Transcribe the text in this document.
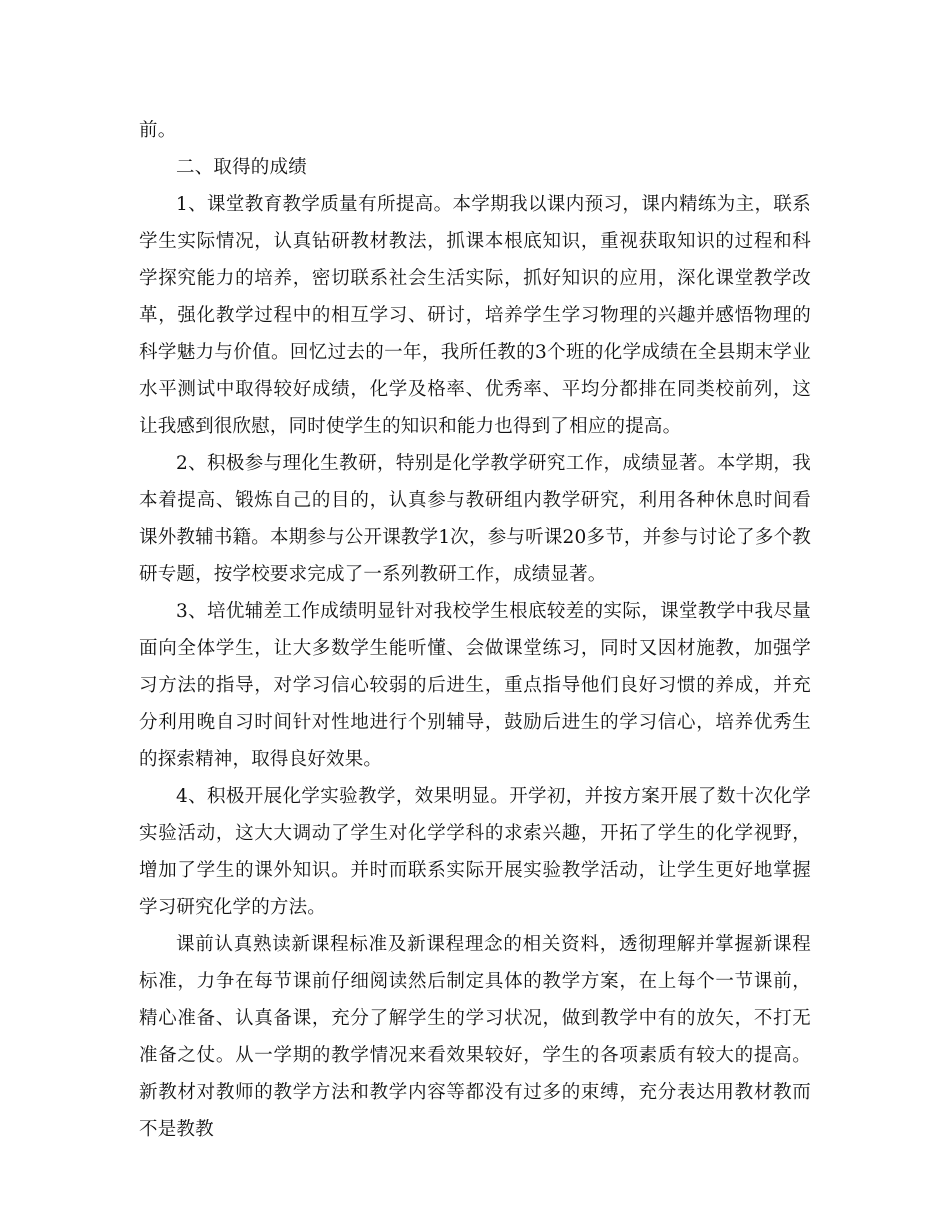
前。

二、取得的成绩

1、课堂教育教学质量有所提高。本学期我以课内预习，课内精练为主，联系学生实际情况，认真钻研教材教法，抓课本根底知识，重视获取知识的过程和科学探究能力的培养，密切联系社会生活实际，抓好知识的应用，深化课堂教学改革，强化教学过程中的相互学习、研讨，培养学生学习物理的兴趣并感悟物理的科学魅力与价值。回忆过去的一年，我所任教的3个班的化学成绩在全县期末学业水平测试中取得较好成绩，化学及格率、优秀率、平均分都排在同类校前列，这让我感到很欣慰，同时使学生的知识和能力也得到了相应的提高。

2、积极参与理化生教研，特别是化学教学研究工作，成绩显著。本学期，我本着提高、锻炼自己的目的，认真参与教研组内教学研究，利用各种休息时间看课外教辅书籍。本期参与公开课教学1次，参与听课20多节，并参与讨论了多个教研专题，按学校要求完成了一系列教研工作，成绩显著。

3、培优辅差工作成绩明显针对我校学生根底较差的实际，课堂教学中我尽量面向全体学生，让大多数学生能听懂、会做课堂练习，同时又因材施教，加强学习方法的指导，对学习信心较弱的后进生，重点指导他们良好习惯的养成，并充分利用晚自习时间针对性地进行个别辅导，鼓励后进生的学习信心，培养优秀生的探索精神，取得良好效果。

4、积极开展化学实验教学，效果明显。开学初，并按方案开展了数十次化学实验活动，这大大调动了学生对化学学科的求索兴趣，开拓了学生的化学视野，增加了学生的课外知识。并时而联系实际开展实验教学活动，让学生更好地掌握学习研究化学的方法。

课前认真熟读新课程标准及新课程理念的相关资料，透彻理解并掌握新课程标准，力争在每节课前仔细阅读然后制定具体的教学方案，在上每个一节课前，精心准备、认真备课，充分了解学生的学习状况，做到教学中有的放矢，不打无准备之仗。从一学期的教学情况来看效果较好，学生的各项素质有较大的提高。新教材对教师的教学方法和教学内容等都没有过多的束缚，充分表达用教材教而不是教教
